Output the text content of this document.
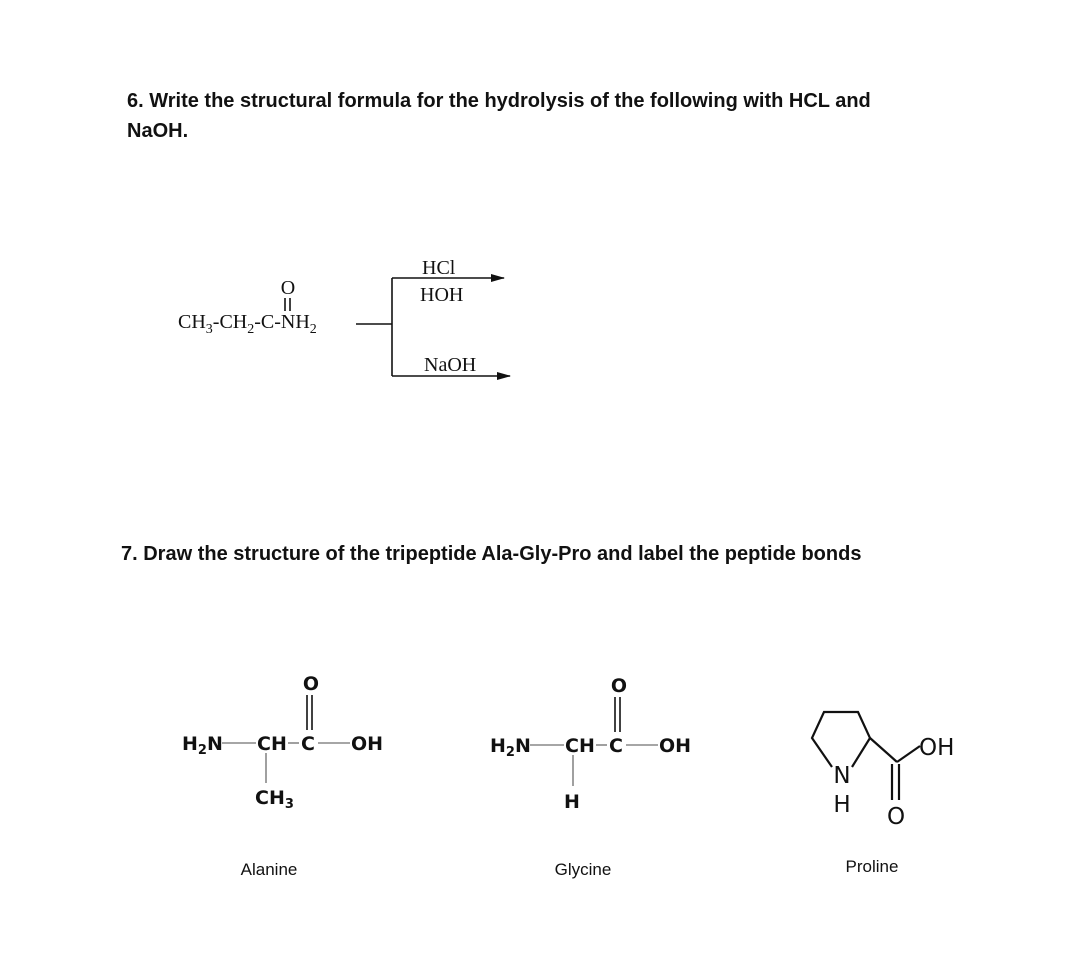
6. Write the structural formula for the hydrolysis of the following with HCL and
NaOH.

7. Draw the structure of the tripeptide Ala-Gly-Pro and label the peptide bonds

O
$CH_3-CH_2-C-NH_2$
HCl
HOH
NaOH
O
$H_2N$ CH C OH
$CH_3$
Alanine
O
$H_2N$ CH C OH
H
Glycine
N
H
OH
O
Proline
